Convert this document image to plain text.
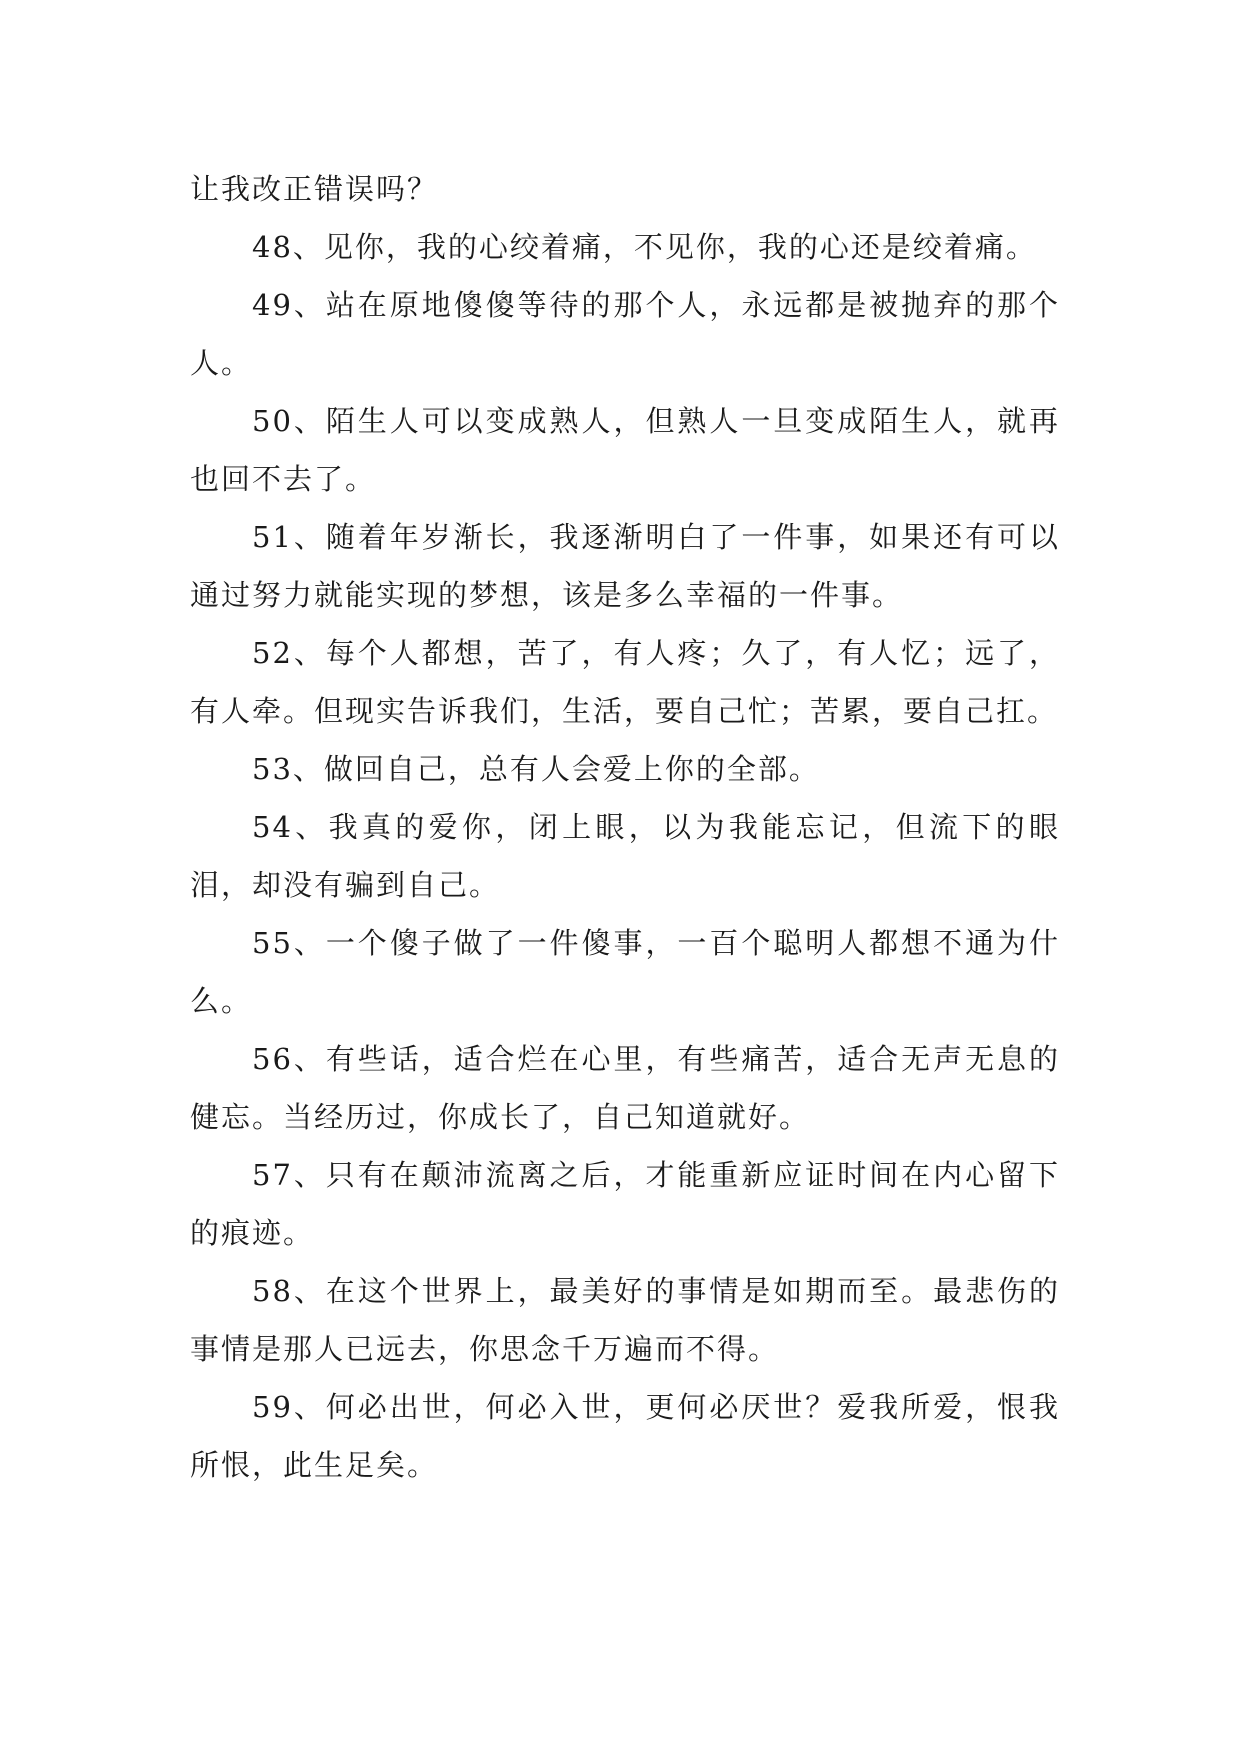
让我改正错误吗？

48、见你，我的心绞着痛，不见你，我的心还是绞着痛。

49、站在原地傻傻等待的那个人，永远都是被抛弃的那个人。

50、陌生人可以变成熟人，但熟人一旦变成陌生人，就再也回不去了。

51、随着年岁渐长，我逐渐明白了一件事，如果还有可以通过努力就能实现的梦想，该是多么幸福的一件事。

52、每个人都想，苦了，有人疼；久了，有人忆；远了，有人牵。但现实告诉我们，生活，要自己忙；苦累，要自己扛。

53、做回自己，总有人会爱上你的全部。

54、我真的爱你，闭上眼，以为我能忘记，但流下的眼泪，却没有骗到自己。

55、一个傻子做了一件傻事，一百个聪明人都想不通为什么。

56、有些话，适合烂在心里，有些痛苦，适合无声无息的健忘。当经历过，你成长了，自己知道就好。

57、只有在颠沛流离之后，才能重新应证时间在内心留下的痕迹。

58、在这个世界上，最美好的事情是如期而至。最悲伤的事情是那人已远去，你思念千万遍而不得。

59、何必出世，何必入世，更何必厌世？爱我所爱，恨我所恨，此生足矣。
